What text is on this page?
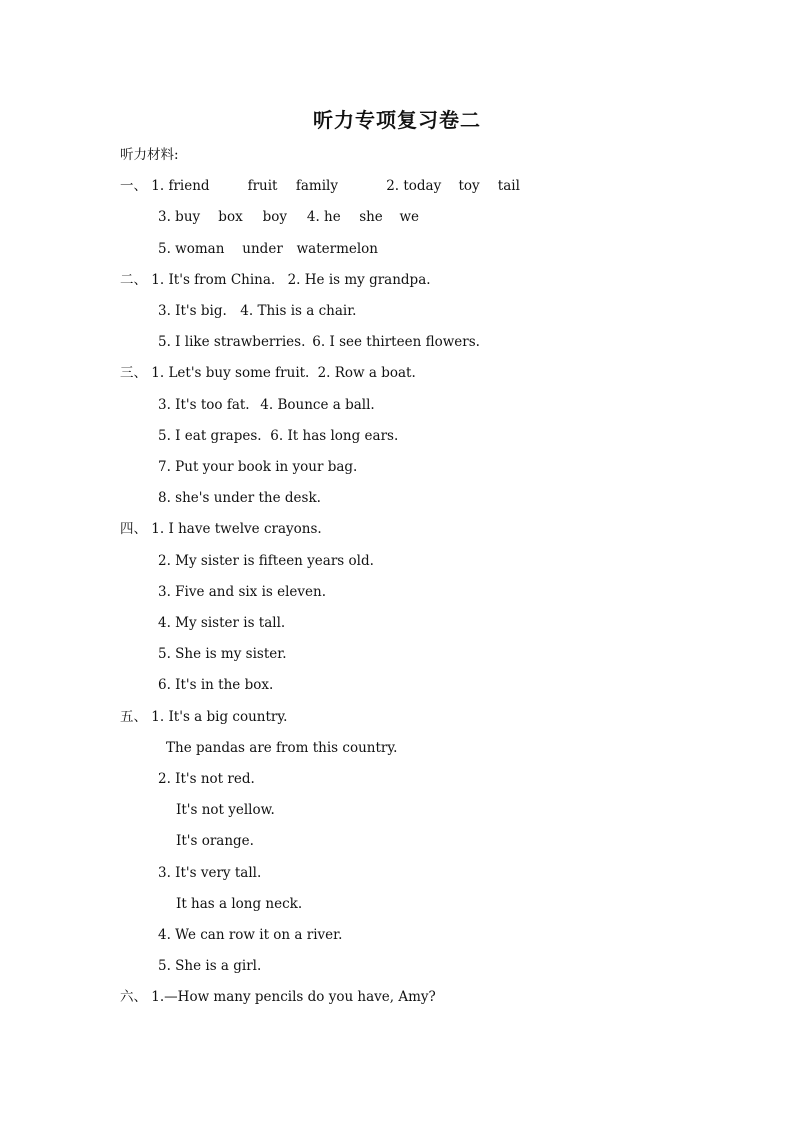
听力专项复习卷二
听力材料:
一、 1. friend	fruit family	2. today toy tail
3. buy box boy 4. he she we
5. woman under watermelon
二、 1. It's from China. 2. He is my grandpa.
3. It's big. 4. This is a chair.
5. I like strawberries. 6. I see thirteen flowers.
三、 1. Let's buy some fruit. 2. Row a boat.
3. It's too fat. 4. Bounce a ball.
5. I eat grapes. 6. It has long ears.
7. Put your book in your bag.
8. she's under the desk.
四、 1. I have twelve crayons.
2. My sister is fifteen years old.
3. Five and six is eleven.
4. My sister is tall.
5. She is my sister.
6. It's in the box.
五、 1. It's a big country.
The pandas are from this country.
2. It's not red.
It's not yellow.
It's orange.
3. It's very tall.
It has a long neck.
4. We can row it on a river.
5. She is a girl.
六、 1.—How many pencils do you have, Amy?
